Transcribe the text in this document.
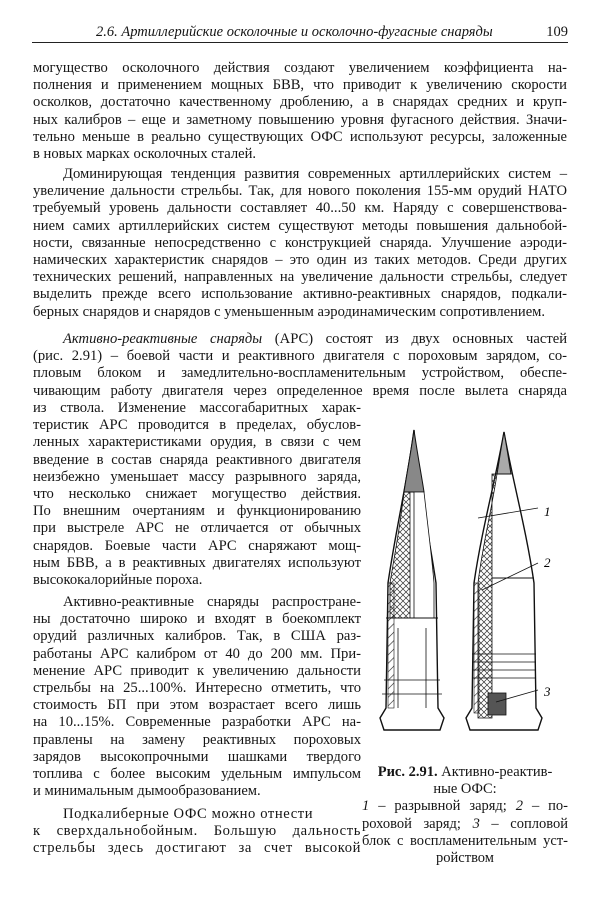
2.6. Артиллерийские осколочные и осколочно-фугасные снаряды	109
могущество осколочного действия создают увеличением коэффициента на-
полнения и применением мощных БВВ, что приводит к увеличению скорости
осколков, достаточно качественному дроблению, а в снарядах средних и круп-
ных калибров – еще и заметному повышению уровня фугасного действия. Значи-
тельно меньше в реально существующих ОФС используют ресурсы, заложенные
в новых марках осколочных сталей.
Доминирующая тенденция развития современных артиллерийских систем –
увеличение дальности стрельбы. Так, для нового поколения 155-мм орудий НАТО
требуемый уровень дальности составляет 40...50 км. Наряду с совершенствова-
нием самих артиллерийских систем существуют методы повышения дальнобой-
ности, связанные непосредственно с конструкцией снаряда. Улучшение аэроди-
намических характеристик снарядов – это один из таких методов. Среди других
технических решений, направленных на увеличение дальности стрельбы, следует
выделить прежде всего использование активно-реактивных снарядов, подкали-
берных снарядов и снарядов с уменьшенным аэродинамическим сопротивлением.
Активно-реактивные снаряды (АРС) состоят из двух основных частей
(рис. 2.91) – боевой части и реактивного двигателя с пороховым зарядом, со-
пловым блоком и замедлительно-воспламенительным устройством, обеспе-
чивающим работу двигателя через определенное время после вылета снаряда
из ствола. Изменение массогабаритных харак-
теристик АРС проводится в пределах, обуслов-
ленных характеристиками орудия, в связи с чем
введение в состав снаряда реактивного двигателя
неизбежно уменьшает массу разрывного заряда,
что несколько снижает могущество действия.
По внешним очертаниям и функционированию
при выстреле АРС не отличается от обычных
снарядов. Боевые части АРС снаряжают мощ-
ным БВВ, а в реактивных двигателях используют
высококалорийные пороха.
Активно-реактивные снаряды распростране-
ны достаточно широко и входят в боекомплект
орудий различных калибров. Так, в США раз-
работаны АРС калибром от 40 до 200 мм. При-
менение АРС приводит к увеличению дальности
стрельбы на 25...100%. Интересно отметить, что
стоимость БП при этом возрастает всего лишь
на 10...15%. Современные разработки АРС на-
правлены на замену реактивных пороховых
зарядов высокопрочными шашками твердого
топлива с более высоким удельным импульсом
и минимальным дымообразованием.
Подкалиберные ОФС можно отнести
к сверхдальнобойным. Большую дальность
стрельбы здесь достигают за счет высокой
1
2
3
Рис. 2.91. Активно-реактив-
ные ОФС:
1 – разрывной заряд; 2 – по-
роховой заряд; 3 – сопловой
блок с воспламенительным уст-
ройством
